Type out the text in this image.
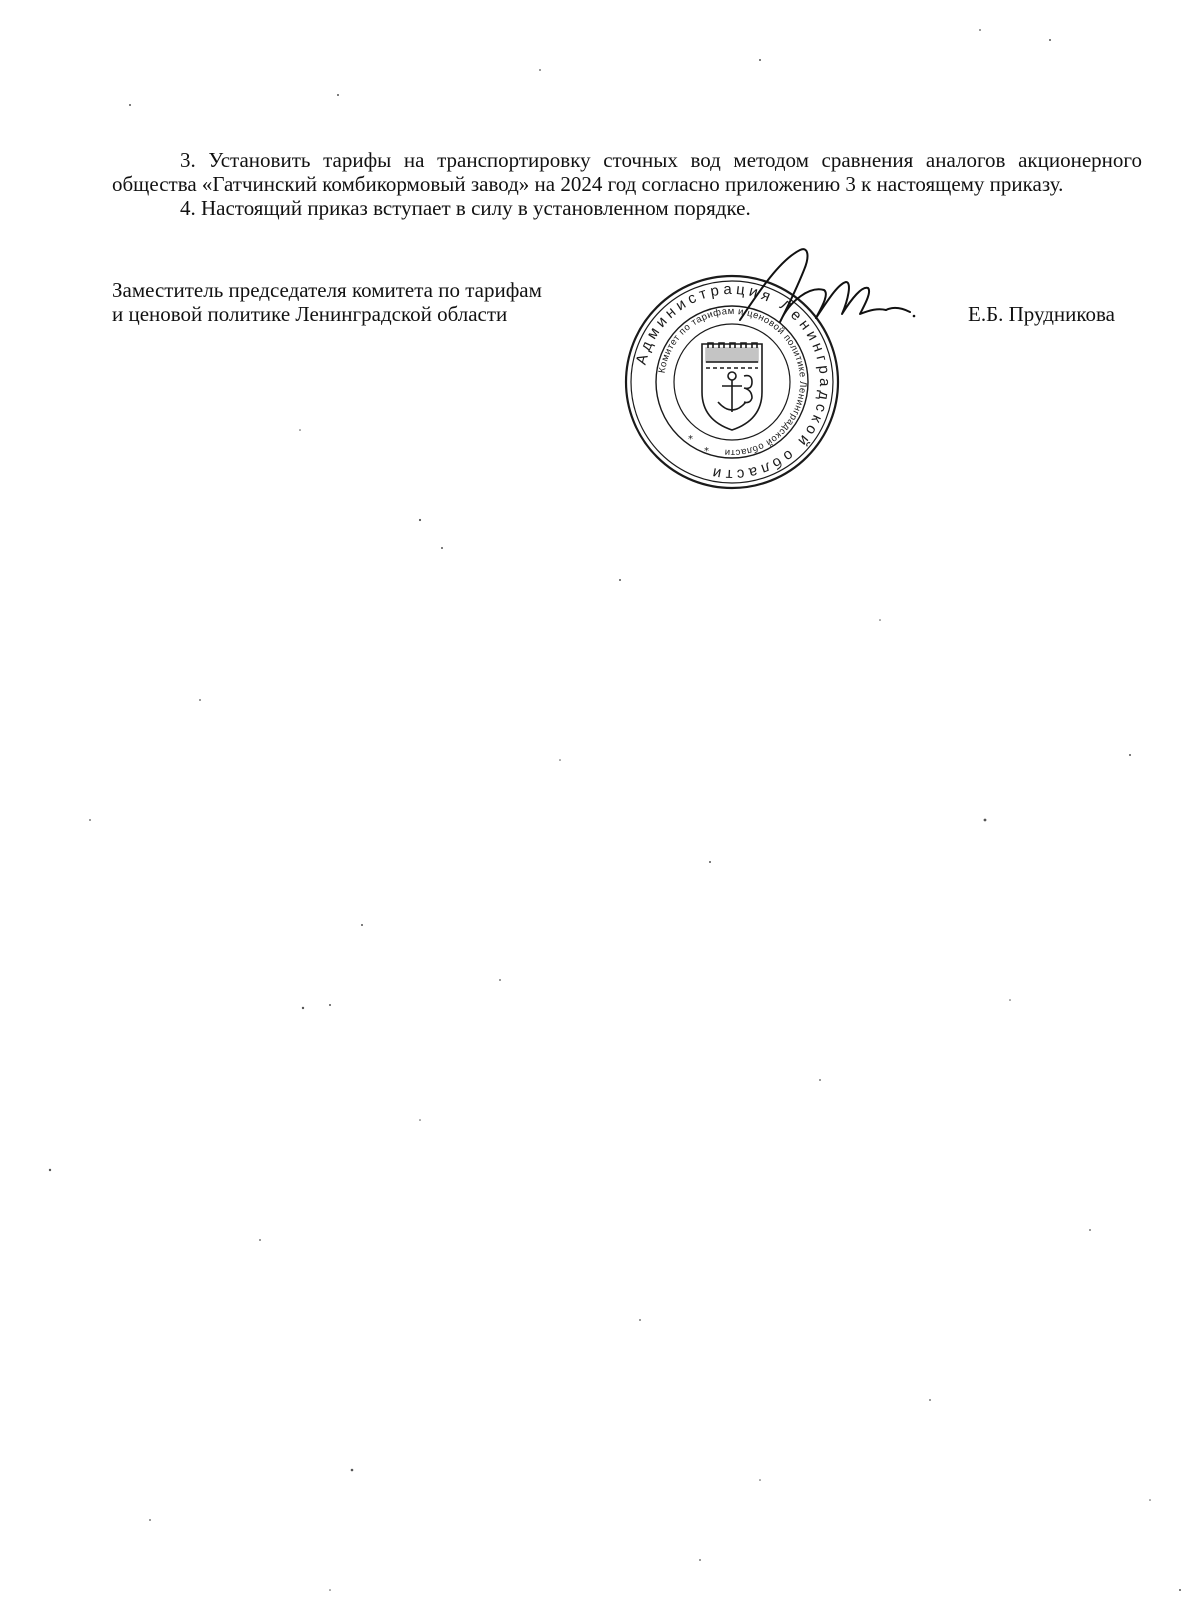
3. Установить тарифы на транспортировку сточных вод методом сравнения аналогов акционерного общества «Гатчинский комбикормовый завод» на 2024 год согласно приложению 3 к настоящему приказу.

4. Настоящий приказ вступает в силу в установленном порядке.

Заместитель председателя комитета по тарифам
и ценовой политике Ленинградской области	Е.Б. Прудникова
Администрация Ленинградской области
Комитет по тарифам и ценовой политике Ленинградской области
*
*
